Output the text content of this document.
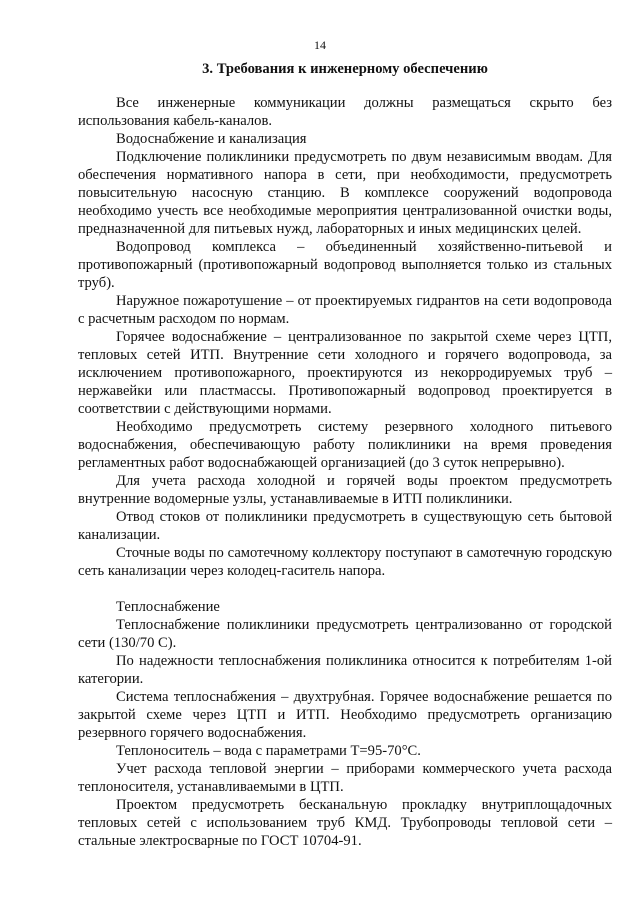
14
3. Требования к инженерному обеспечению

Все инженерные коммуникации должны размещаться скрыто без использования кабель-каналов.

Водоснабжение и канализация

Подключение поликлиники предусмотреть по двум независимым вводам. Для обеспечения нормативного напора в сети, при необходимости, предусмотреть повысительную насосную станцию. В комплексе сооружений водопровода необходимо учесть все необходимые мероприятия централизованной очистки воды, предназначенной для питьевых нужд, лабораторных и иных медицинских целей.

Водопровод комплекса – объединенный хозяйственно-питьевой и противопожарный (противопожарный водопровод выполняется только из стальных труб).

Наружное пожаротушение – от проектируемых гидрантов на сети водопровода с расчетным расходом по нормам.

Горячее водоснабжение – централизованное по закрытой схеме через ЦТП, тепловых сетей ИТП. Внутренние сети холодного и горячего водопровода, за исключением противопожарного, проектируются из некорродируемых труб – нержавейки или пластмассы. Противопожарный водопровод проектируется в соответствии с действующими нормами.

Необходимо предусмотреть систему резервного холодного питьевого водоснабжения, обеспечивающую работу поликлиники на время проведения регламентных работ водоснабжающей организацией (до 3 суток непрерывно).

Для учета расхода холодной и горячей воды проектом предусмотреть внутренние водомерные узлы, устанавливаемые в ИТП поликлиники.

Отвод стоков от поликлиники предусмотреть в существующую сеть бытовой канализации.

Сточные воды по самотечному коллектору поступают в самотечную городскую сеть канализации через колодец-гаситель напора.

Теплоснабжение

Теплоснабжение поликлиники предусмотреть централизованно от городской сети (130/70 С).

По надежности теплоснабжения поликлиника относится к потребителям 1-ой категории.

Система теплоснабжения – двухтрубная. Горячее водоснабжение решается по закрытой схеме через ЦТП и ИТП. Необходимо предусмотреть организацию резервного горячего водоснабжения.

Теплоноситель – вода с параметрами Т=95-70°С.

Учет расхода тепловой энергии – приборами коммерческого учета расхода теплоносителя, устанавливаемыми в ЦТП.

Проектом предусмотреть бесканальную прокладку внутриплощадочных тепловых сетей с использованием труб КМД. Трубопроводы тепловой сети – стальные электросварные по ГОСТ 10704-91.
